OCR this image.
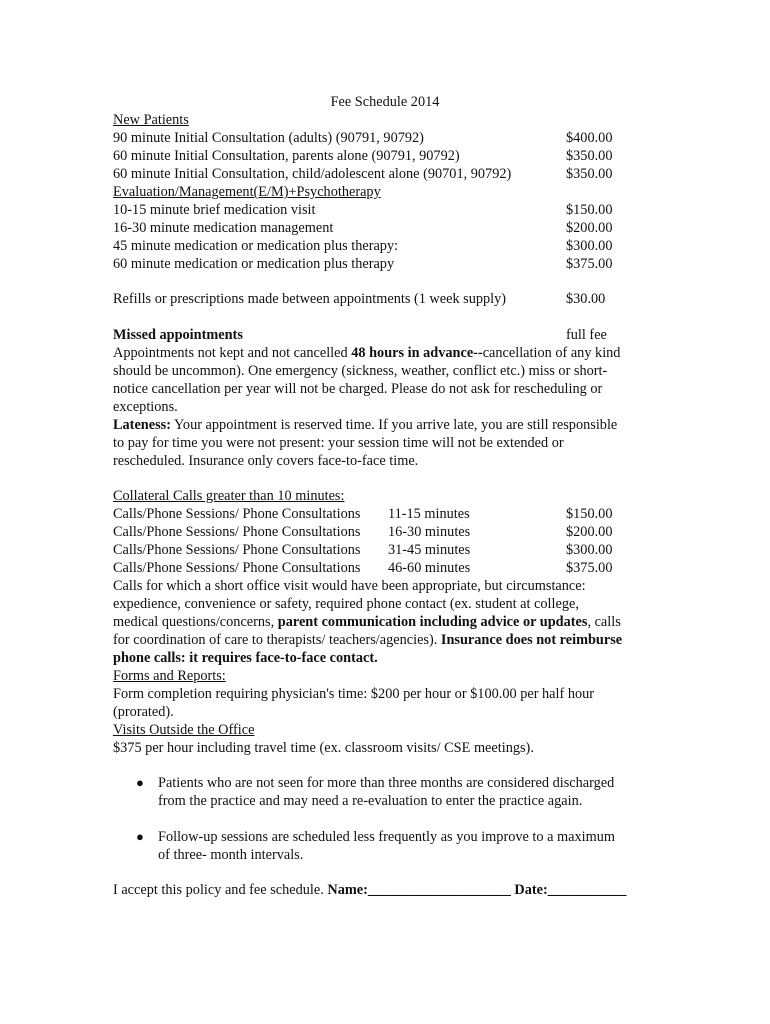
Fee Schedule 2014
New Patients
90 minute Initial Consultation (adults) (90791, 90792)	$400.00
60 minute Initial Consultation, parents alone (90791, 90792)	$350.00
60 minute Initial Consultation, child/adolescent alone (90701, 90792)	$350.00
Evaluation/Management(E/M)+Psychotherapy
10-15 minute brief medication visit	$150.00
16-30 minute medication management	$200.00
45 minute medication or medication plus therapy:	$300.00
60 minute medication or medication plus therapy	$375.00
Refills or prescriptions made between appointments (1 week supply)	$30.00
Missed appointments	full fee
Appointments not kept and not cancelled 48 hours in advance--cancellation of any kind
should be uncommon). One emergency (sickness, weather, conflict etc.) miss or short-
notice cancellation per year will not be charged. Please do not ask for rescheduling or
exceptions.
Lateness: Your appointment is reserved time. If you arrive late, you are still responsible
to pay for time you were not present: your session time will not be extended or
rescheduled. Insurance only covers face-to-face time.
Collateral Calls greater than 10 minutes:
Calls/Phone Sessions/ Phone Consultations 11-15 minutes	$150.00
Calls/Phone Sessions/ Phone Consultations 16-30 minutes	$200.00
Calls/Phone Sessions/ Phone Consultations 31-45 minutes	$300.00
Calls/Phone Sessions/ Phone Consultations 46-60 minutes	$375.00
Calls for which a short office visit would have been appropriate, but circumstance:
expedience, convenience or safety, required phone contact (ex. student at college,
medical questions/concerns, parent communication including advice or updates, calls
for coordination of care to therapists/ teachers/agencies). Insurance does not reimburse
phone calls: it requires face-to-face contact.
Forms and Reports:
Form completion requiring physician's time: $200 per hour or $100.00 per half hour
(prorated).
Visits Outside the Office
$375 per hour including travel time (ex. classroom visits/ CSE meetings).
● Patients who are not seen for more than three months are considered discharged
from the practice and may need a re-evaluation to enter the practice again.
● Follow-up sessions are scheduled less frequently as you improve to a maximum
of three- month intervals.
I accept this policy and fee schedule. Name:____________________ Date:___________
